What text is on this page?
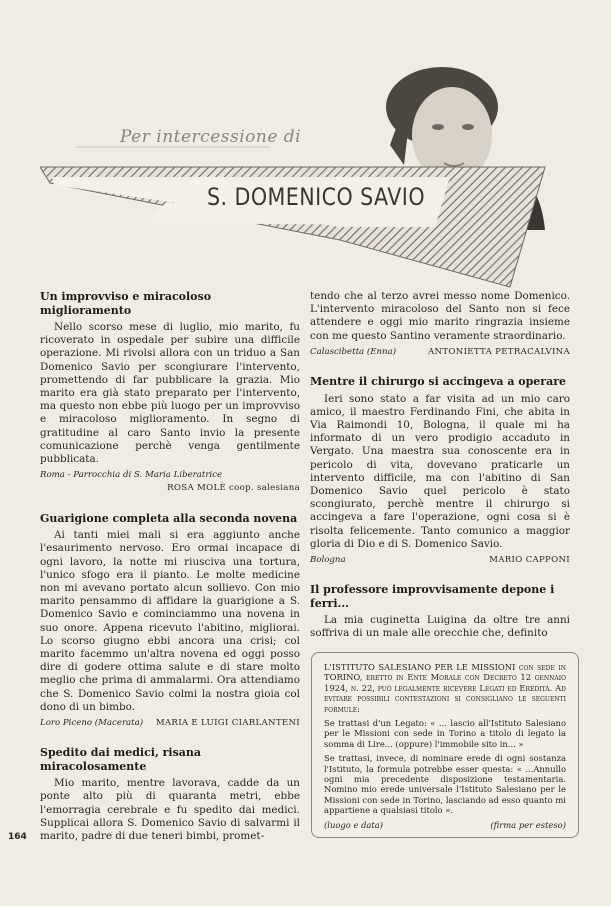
Per intercessione di
S. DOMENICO SAVIO
Un improvviso e miracoloso miglioramento

Nello scorso mese di luglio, mio marito, fu ricoverato in ospedale per subire una difficile operazione. Mi rivolsi allora con un triduo a San Domenico Savio per scongiurare l'intervento, promettendo di far pubblicare la grazia. Mio marito era già stato preparato per l'intervento, ma questo non ebbe più luogo per un improvviso e miracoloso miglioramento. In segno di gratitudine al caro Santo invio la presente comunicazione perchè venga gentilmente pubblicata.

Roma - Parrocchia di S. Maria Liberatrice
ROSA MOLÈ coop. salesiana
Guarigione completa alla seconda novena

Ai tanti miei mali si era aggiunto anche l'esaurimento nervoso. Ero ormai incapace di ogni lavoro, la notte mi riusciva una tortura, l'unico sfogo era il pianto. Le molte medicine non mi avevano portato alcun sollievo. Con mio marito pensammo di affidare la guarigione a S. Domenico Savio e cominciammo una novena in suo onore. Appena ricevuto l'abitino, migliorai. Lo scorso giugno ebbi ancora una crisi; col marito facemmo un'altra novena ed oggi posso dire di godere ottima salute e di stare molto meglio che prima di ammalarmi. Ora attendiamo che S. Domenico Savio colmi la nostra gioia col dono di un bimbo.

Loro Piceno (Macerata) MARIA E LUIGI CIARLANTENI
Spedito dai medici, risana miracolosamente

Mio marito, mentre lavorava, cadde da un ponte alto più di quaranta metri, ebbe l'emorragia cerebrale e fu spedito dai medici. Supplicai allora S. Domenico Savio di salvarmi il marito, padre di due teneri bimbi, promet-

tendo che al terzo avrei messo nome Domenico. L'intervento miracoloso del Santo non si fece attendere e oggi mio marito ringrazia insieme con me questo Santino veramente straordinario.

Calascibetta (Enna)	ANTONIETTA PETRACALVINA
Mentre il chirurgo si accingeva a operare

Ieri sono stato a far visita ad un mio caro amico, il maestro Ferdinando Fini, che abita in Via Raimondi 10, Bologna, il quale mi ha informato di un vero prodigio accaduto in Vergato. Una maestra sua conoscente era in pericolo di vita, dovevano praticarle un intervento difficile, ma con l'abitino di San Domenico Savio quel pericolo è stato scongiurato, perchè mentre il chirurgo si accingeva a fare l'operazione, ogni cosa si è risolta felicemente. Tanto comunico a maggior gloria di Dio e di S. Domenico Savio.

Bologna	MARIO CAPPONI
Il professore improvvisamente depone i ferri...

La mia cuginetta Luigina da oltre tre anni soffriva di un male alle orecchie che, definito

L'ISTITUTO SALESIANO PER LE MISSIONI con sede in TORINO, eretto in Ente Morale con Decreto 12 gennaio 1924, n. 22, può legalmente ricevere Legati ed Eredità. Ad evitare possibili contestazioni si consigliano le seguenti formule:

Se trattasi d'un Legato: « ... lascio all'Istituto Salesiano per le Missioni con sede in Torino a titolo di legato la somma di Lire... (oppure) l'immobile sito in... »

Se trattasi, invece, di nominare erede di ogni sostanza l'Istituto, la formula potrebbe esser questa: « ...Annullo ogni mia precedente disposizione testamentaria. Nomino mio erede universale l'Istituto Salesiano per le Missioni con sede in Torino, lasciando ad esso quanto mi appartiene a qualsiasi titolo ».

(luogo e data)	(firma per esteso)
164
